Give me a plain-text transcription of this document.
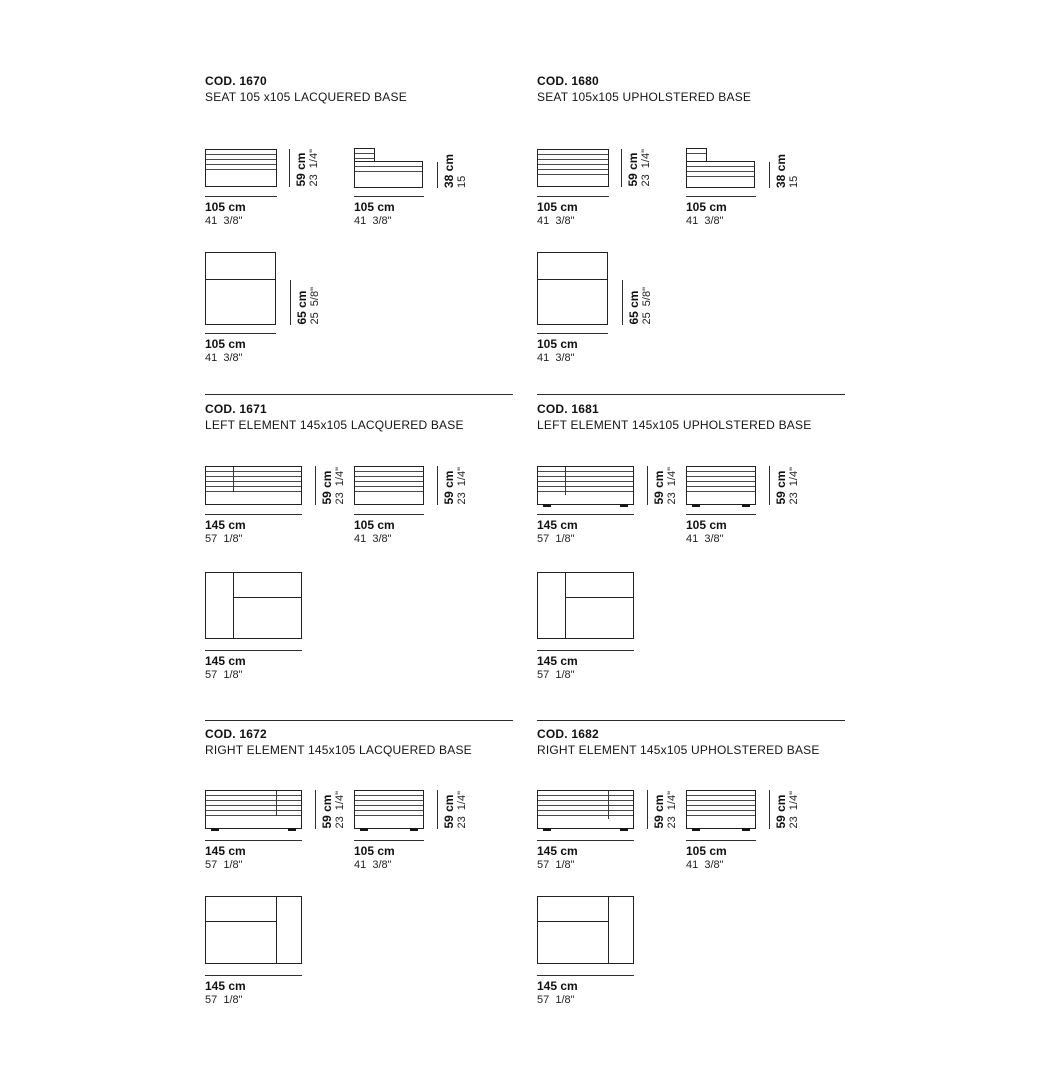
COD. 1670
SEAT 105 x105 LACQUERED BASE
59 cm 23  1/4"	38 cm 15
105 cm
41  3/8"
105 cm
41  3/8"
65 cm 25  5/8"
105 cm
41  3/8"
COD. 1680
SEAT 105x105 UPHOLSTERED BASE
59 cm 23  1/4"	38 cm 15
105 cm
41  3/8"
105 cm
41  3/8"
65 cm 25  5/8"
105 cm
41  3/8"
COD. 1671
LEFT ELEMENT 145x105 LACQUERED BASE
59 cm 23  1/4"	59 cm 23  1/4"
145 cm
57  1/8"
105 cm
41  3/8"
145 cm
57  1/8"
COD. 1681
LEFT ELEMENT 145x105 UPHOLSTERED BASE
59 cm 23  1/4"	59 cm 23  1/4"
145 cm
57  1/8"
105 cm
41  3/8"
145 cm
57  1/8"
COD. 1672
RIGHT ELEMENT 145x105 LACQUERED BASE
59 cm 23  1/4"	59 cm 23  1/4"
145 cm
57  1/8"
105 cm
41  3/8"
145 cm
57  1/8"
COD. 1682
RIGHT ELEMENT 145x105 UPHOLSTERED BASE
59 cm 23  1/4"	59 cm 23  1/4"
145 cm
57  1/8"
105 cm
41  3/8"
145 cm
57  1/8"
